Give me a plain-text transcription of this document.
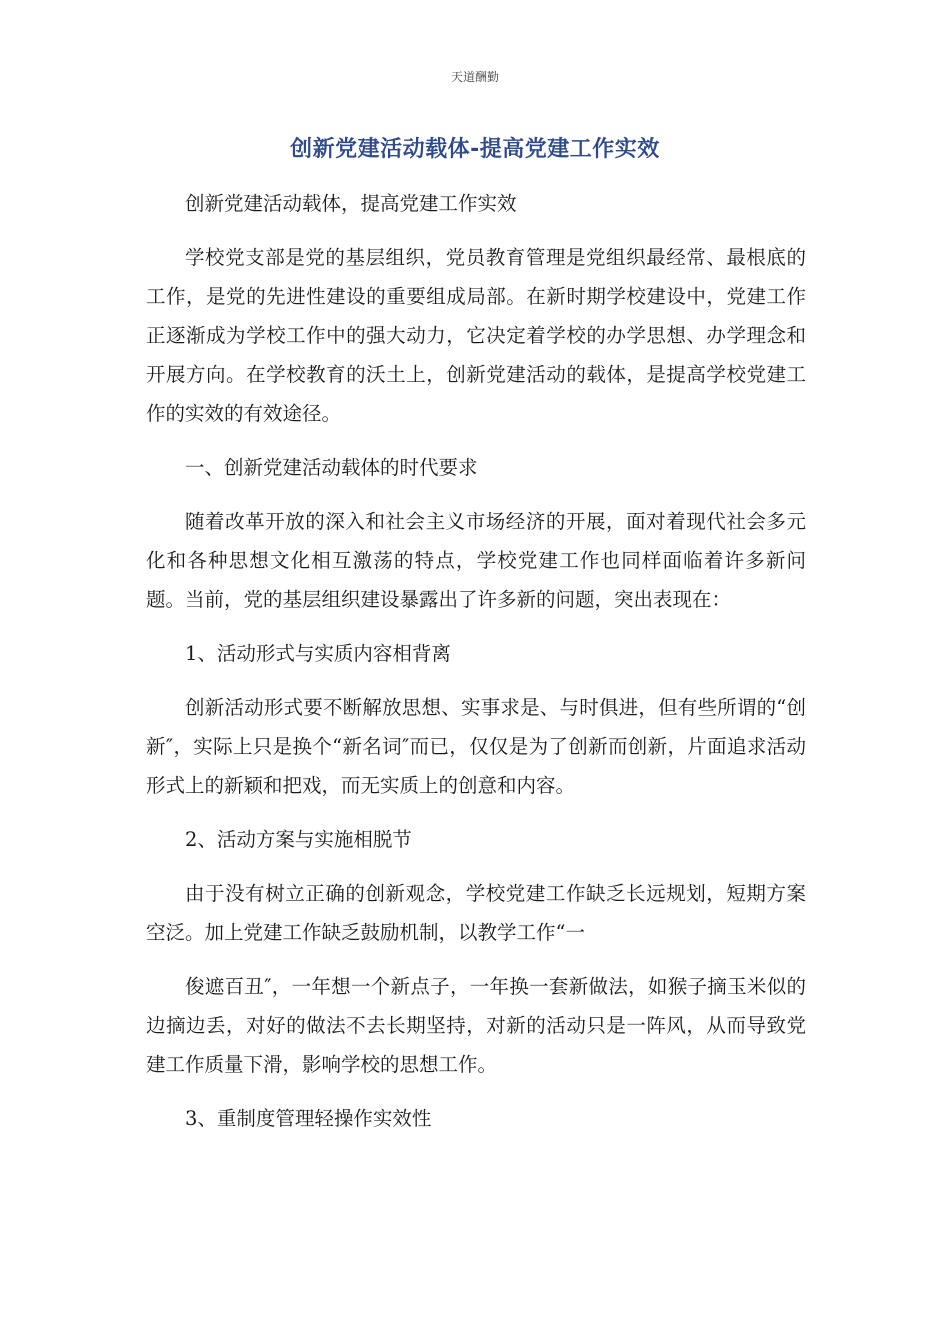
天道酬勤
创新党建活动载体-提高党建工作实效

创新党建活动载体，提高党建工作实效

学校党支部是党的基层组织，党员教育管理是党组织最经常、最根底的工作，是党的先进性建设的重要组成局部。在新时期学校建设中，党建工作正逐渐成为学校工作中的强大动力，它决定着学校的办学思想、办学理念和开展方向。在学校教育的沃土上，创新党建活动的载体，是提高学校党建工作的实效的有效途径。

一、创新党建活动载体的时代要求

随着改革开放的深入和社会主义市场经济的开展，面对着现代社会多元化和各种思想文化相互激荡的特点，学校党建工作也同样面临着许多新问题。当前，党的基层组织建设暴露出了许多新的问题，突出表现在：

1、活动形式与实质内容相背离

创新活动形式要不断解放思想、实事求是、与时俱进，但有些所谓的“创新″，实际上只是换个“新名词″而已，仅仅是为了创新而创新，片面追求活动形式上的新颖和把戏，而无实质上的创意和内容。

2、活动方案与实施相脱节

由于没有树立正确的创新观念，学校党建工作缺乏长远规划，短期方案空泛。加上党建工作缺乏鼓励机制，以教学工作“一

俊遮百丑″，一年想一个新点子，一年换一套新做法，如猴子摘玉米似的边摘边丢，对好的做法不去长期坚持，对新的活动只是一阵风，从而导致党建工作质量下滑，影响学校的思想工作。

3、重制度管理轻操作实效性
